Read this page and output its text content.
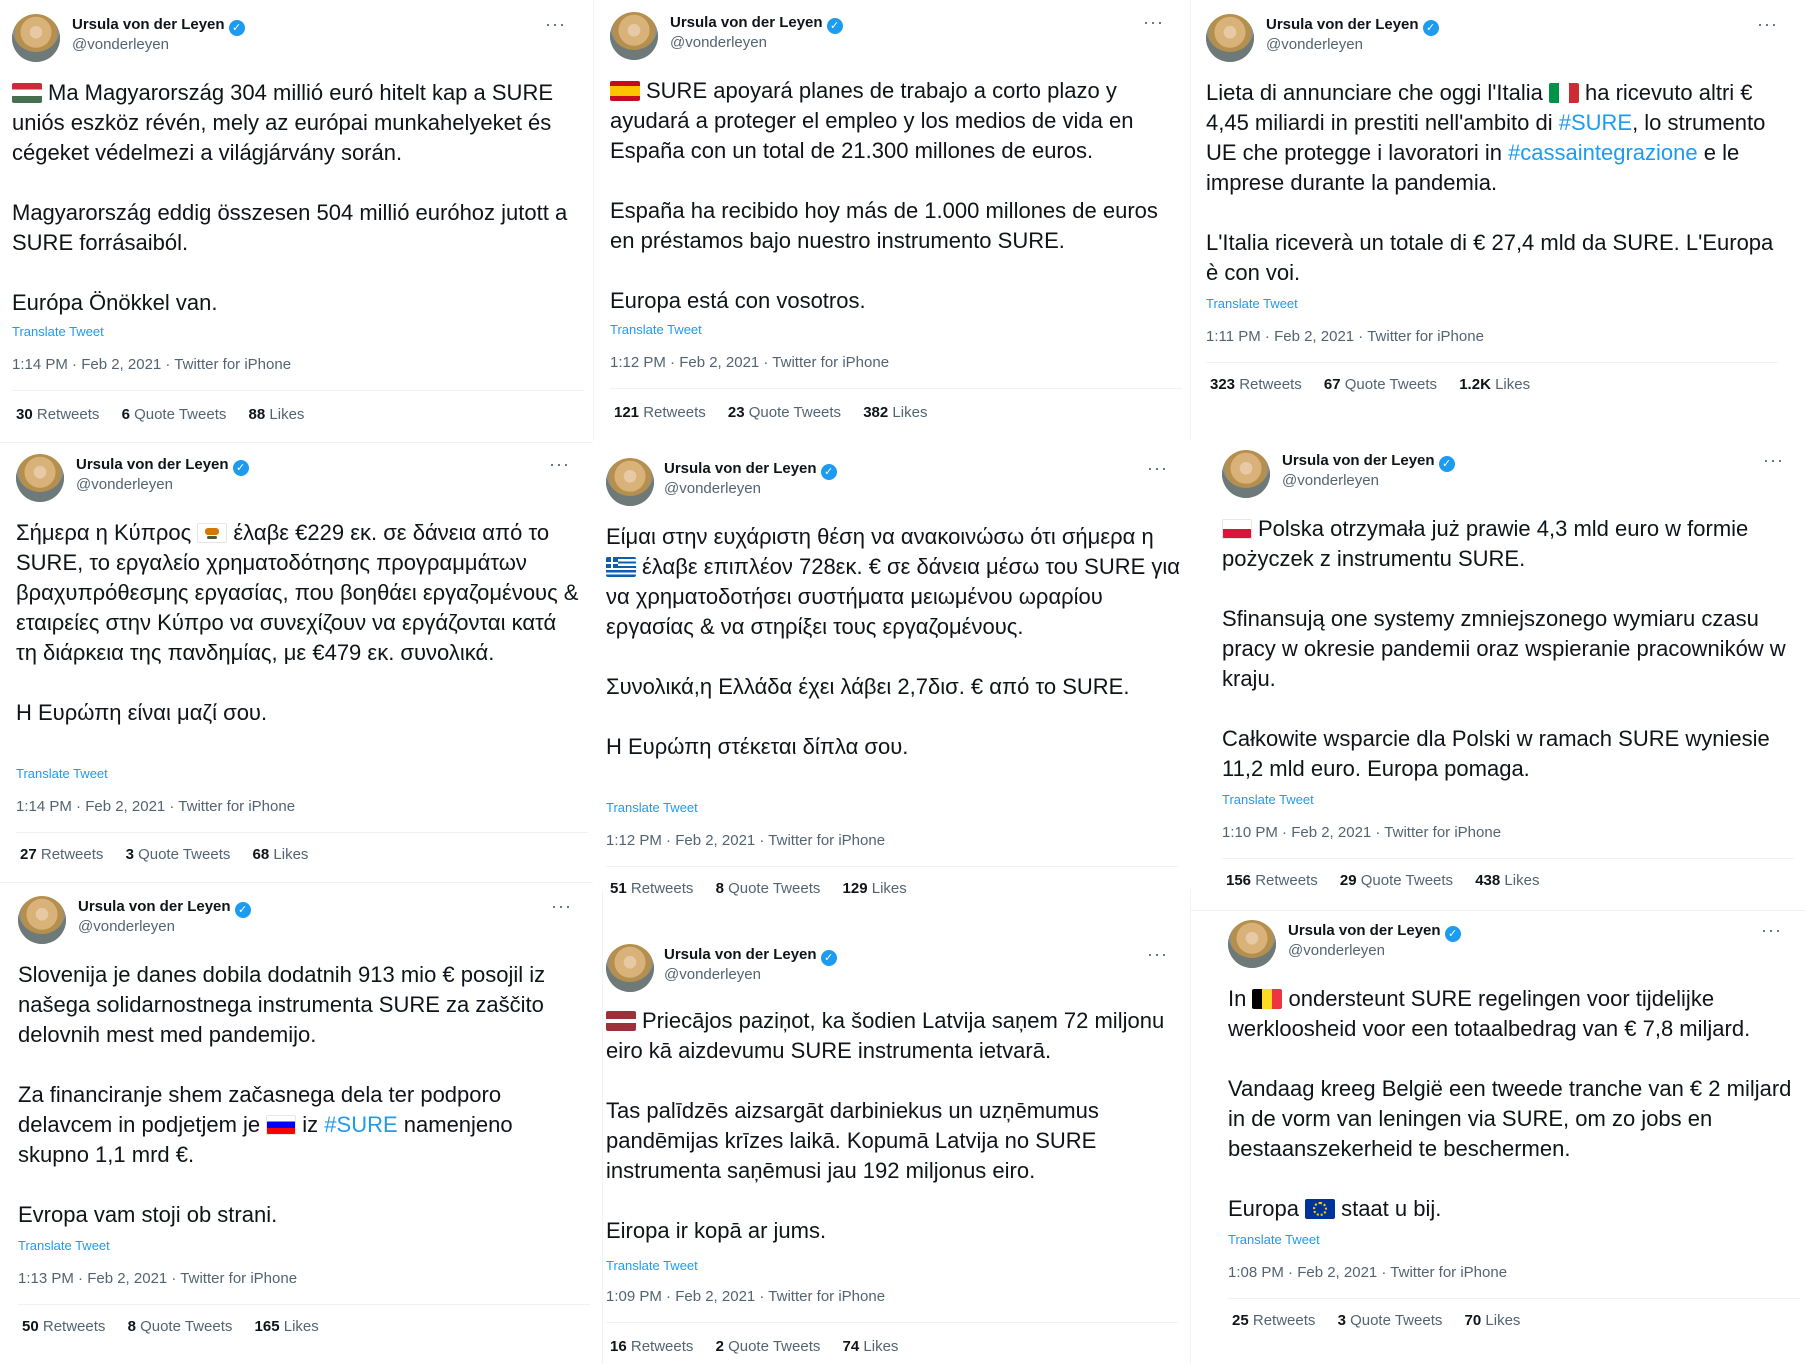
Ursula von der Leyen ✓
@vonderleyen
···

Ma Magyarország 304 millió euró hitelt kap a SURE uniós eszköz révén, mely az európai munkahelyeket és cégeket védelmezi a világjárvány során.

Magyarország eddig összesen 504 millió euróhoz jutott a SURE forrásaiból.

Európa Önökkel van.

Translate Tweet
1:14 PM · Feb 2, 2021 · Twitter for iPhone
30 Retweets 6 Quote Tweets 88 Likes
Ursula von der Leyen ✓
@vonderleyen
···

SURE apoyará planes de trabajo a corto plazo y ayudará a proteger el empleo y los medios de vida en España con un total de 21.300 millones de euros.

España ha recibido hoy más de 1.000 millones de euros en préstamos bajo nuestro instrumento SURE.

Europa está con vosotros.

Translate Tweet
1:12 PM · Feb 2, 2021 · Twitter for iPhone
121 Retweets 23 Quote Tweets 382 Likes
Ursula von der Leyen ✓
@vonderleyen
···

Lieta di annunciare che oggi l'Italia ha ricevuto altri € 4,45 miliardi in prestiti nell'ambito di #SURE, lo strumento UE che protegge i lavoratori in #cassaintegrazione e le imprese durante la pandemia.

L'Italia riceverà un totale di € 27,4 mld da SURE. L'Europa è con voi.

Translate Tweet
1:11 PM · Feb 2, 2021 · Twitter for iPhone
323 Retweets 67 Quote Tweets 1.2K Likes
Ursula von der Leyen ✓
@vonderleyen
···

Σήμερα η Κύπρος έλαβε €229 εκ. σε δάνεια από το SURE, το εργαλείο χρηματοδότησης προγραμμάτων βραχυπρόθεσμης εργασίας, που βοηθάει εργαζομένους & εταιρείες στην Κύπρο να συνεχίζουν να εργάζονται κατά τη διάρκεια της πανδημίας, με €479 εκ. συνολικά.

Η Ευρώπη είναι μαζί σου.

Translate Tweet
1:14 PM · Feb 2, 2021 · Twitter for iPhone
27 Retweets 3 Quote Tweets 68 Likes
Ursula von der Leyen ✓
@vonderleyen
···

Είμαι στην ευχάριστη θέση να ανακοινώσω ότι σήμερα η
έλαβε επιπλέον 728εκ. € σε δάνεια μέσω του SURE για να χρηματοδοτήσει συστήματα μειωμένου ωραρίου εργασίας & να στηρίξει τους εργαζομένους.

Συνολικά,η Ελλάδα έχει λάβει 2,7δισ. € από το SURE.

Η Ευρώπη στέκεται δίπλα σου.

Translate Tweet
1:12 PM · Feb 2, 2021 · Twitter for iPhone
51 Retweets 8 Quote Tweets 129 Likes
Ursula von der Leyen ✓
@vonderleyen
···

Polska otrzymała już prawie 4,3 mld euro w formie pożyczek z instrumentu SURE.

Sfinansują one systemy zmniejszonego wymiaru czasu pracy w okresie pandemii oraz wspieranie pracowników w kraju.

Całkowite wsparcie dla Polski w ramach SURE wyniesie 11,2 mld euro. Europa pomaga.

Translate Tweet
1:10 PM · Feb 2, 2021 · Twitter for iPhone
156 Retweets 29 Quote Tweets 438 Likes
Ursula von der Leyen ✓
@vonderleyen
···

Slovenija je danes dobila dodatnih 913 mio € posojil iz našega solidarnostnega instrumenta SURE za zaščito delovnih mest med pandemijo.

Za financiranje shem začasnega dela ter podporo delavcem in podjetjem je iz #SURE namenjeno skupno 1,1 mrd €.

Evropa vam stoji ob strani.

Translate Tweet
1:13 PM · Feb 2, 2021 · Twitter for iPhone
50 Retweets 8 Quote Tweets 165 Likes
Ursula von der Leyen ✓
@vonderleyen
···

Priecājos paziņot, ka šodien Latvija saņem 72 miljonu eiro kā aizdevumu SURE instrumenta ietvarā.

Tas palīdzēs aizsargāt darbiniekus un uzņēmumus pandēmijas krīzes laikā. Kopumā Latvija no SURE instrumenta saņēmusi jau 192 miljonus eiro.

Eiropa ir kopā ar jums.

Translate Tweet
1:09 PM · Feb 2, 2021 · Twitter for iPhone
16 Retweets 2 Quote Tweets 74 Likes
Ursula von der Leyen ✓
@vonderleyen
···

In ondersteunt SURE regelingen voor tijdelijke werkloosheid voor een totaalbedrag van € 7,8 miljard.

Vandaag kreeg België een tweede tranche van € 2 miljard in de vorm van leningen via SURE, om zo jobs en bestaanszekerheid te beschermen.

Europa staat u bij.

Translate Tweet
1:08 PM · Feb 2, 2021 · Twitter for iPhone
25 Retweets 3 Quote Tweets 70 Likes
